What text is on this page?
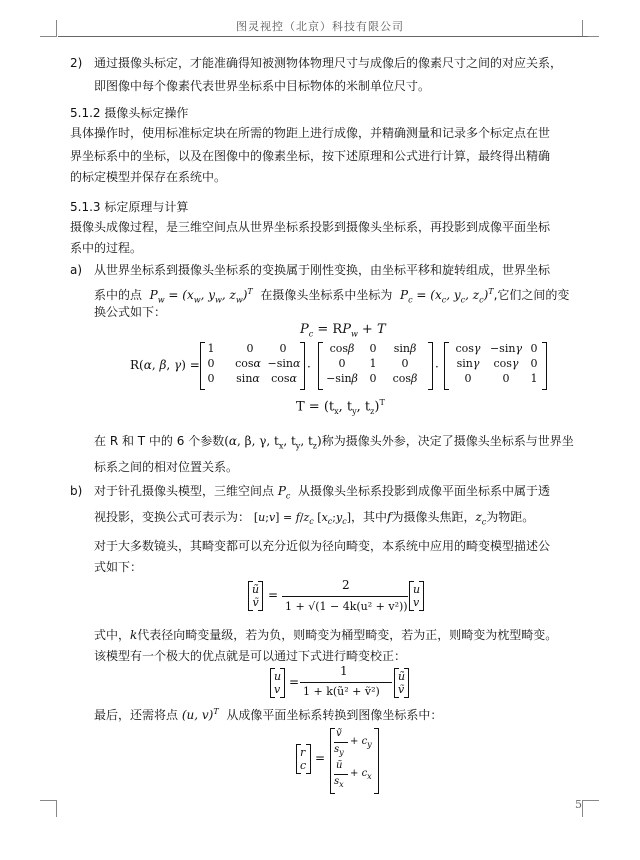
图灵视控（北京）科技有限公司
2) 通过摄像头标定，才能准确得知被测物体物理尺寸与成像后的像素尺寸之间的对应关系，
即图像中每个像素代表世界坐标系中目标物体的米制单位尺寸。
5.1.2 摄像头标定操作
具体操作时，使用标准标定块在所需的物距上进行成像，并精确测量和记录多个标定点在世
界坐标系中的坐标，以及在图像中的像素坐标，按下述原理和公式进行计算，最终得出精确
的标定模型并保存在系统中。
5.1.3 标定原理与计算
摄像头成像过程，是三维空间点从世界坐标系投影到摄像头坐标系，再投影到成像平面坐标
系中的过程。
a) 从世界坐标系到摄像头坐标系的变换属于刚性变换，由坐标平移和旋转组成，世界坐标
系中的点  $P_w = (x_w$, $y_w$, $z_w)^T$ 在摄像头坐标系中坐标为  $P_c = (x_c$, $y_c$, $z_c)^T$,它们之间的变
换公式如下：
$P_c = RP_w + T$
R(α, β, γ) =
1	0	0
0	cosα −sinα
0	sinα	cosα
·
cosβ	0	sinβ
0	1	0
−sinβ	0	cosβ
·
cosγ −sinγ 0
sinγ	cosγ	0
0	0	1
$T = (t_x$, $t_y$, $t_z)^T$
在 R 和 T 中的 6 个参数(α, β, γ, $t_x$, $t_y$, $t_z$)称为摄像头外参，决定了摄像头坐标系与世界坐
标系之间的相对位置关系。
b) 对于针孔摄像头模型，三维空间点 $P_c$ 从摄像头坐标系投影到成像平面坐标系中属于透
视投影，变换公式可表示为： [u;v] = $f/z_c$ $[x_c;y_c]$，其中f为摄像头焦距，$z_c$为物距。
对于大多数镜头，其畸变都可以充分近似为径向畸变，本系统中应用的畸变模型描述公
式如下：
ũ
ṽ
=
2
1 + √(1 − 4k(u² + v²))
u
v
式中，k代表径向畸变量级，若为负，则畸变为桶型畸变，若为正，则畸变为枕型畸变。
该模型有一个极大的优点就是可以通过下式进行畸变校正：
u
v
=
1
1 + k(ũ² + ṽ²)
ũ
ṽ
最后，还需将点 (u, v)$^T$ 从成像平面坐标系转换到图像坐标系中：
r
c
=
ṽ
$s_y$
+ $c_y$
ũ
$s_x$
+ $c_x$
5
